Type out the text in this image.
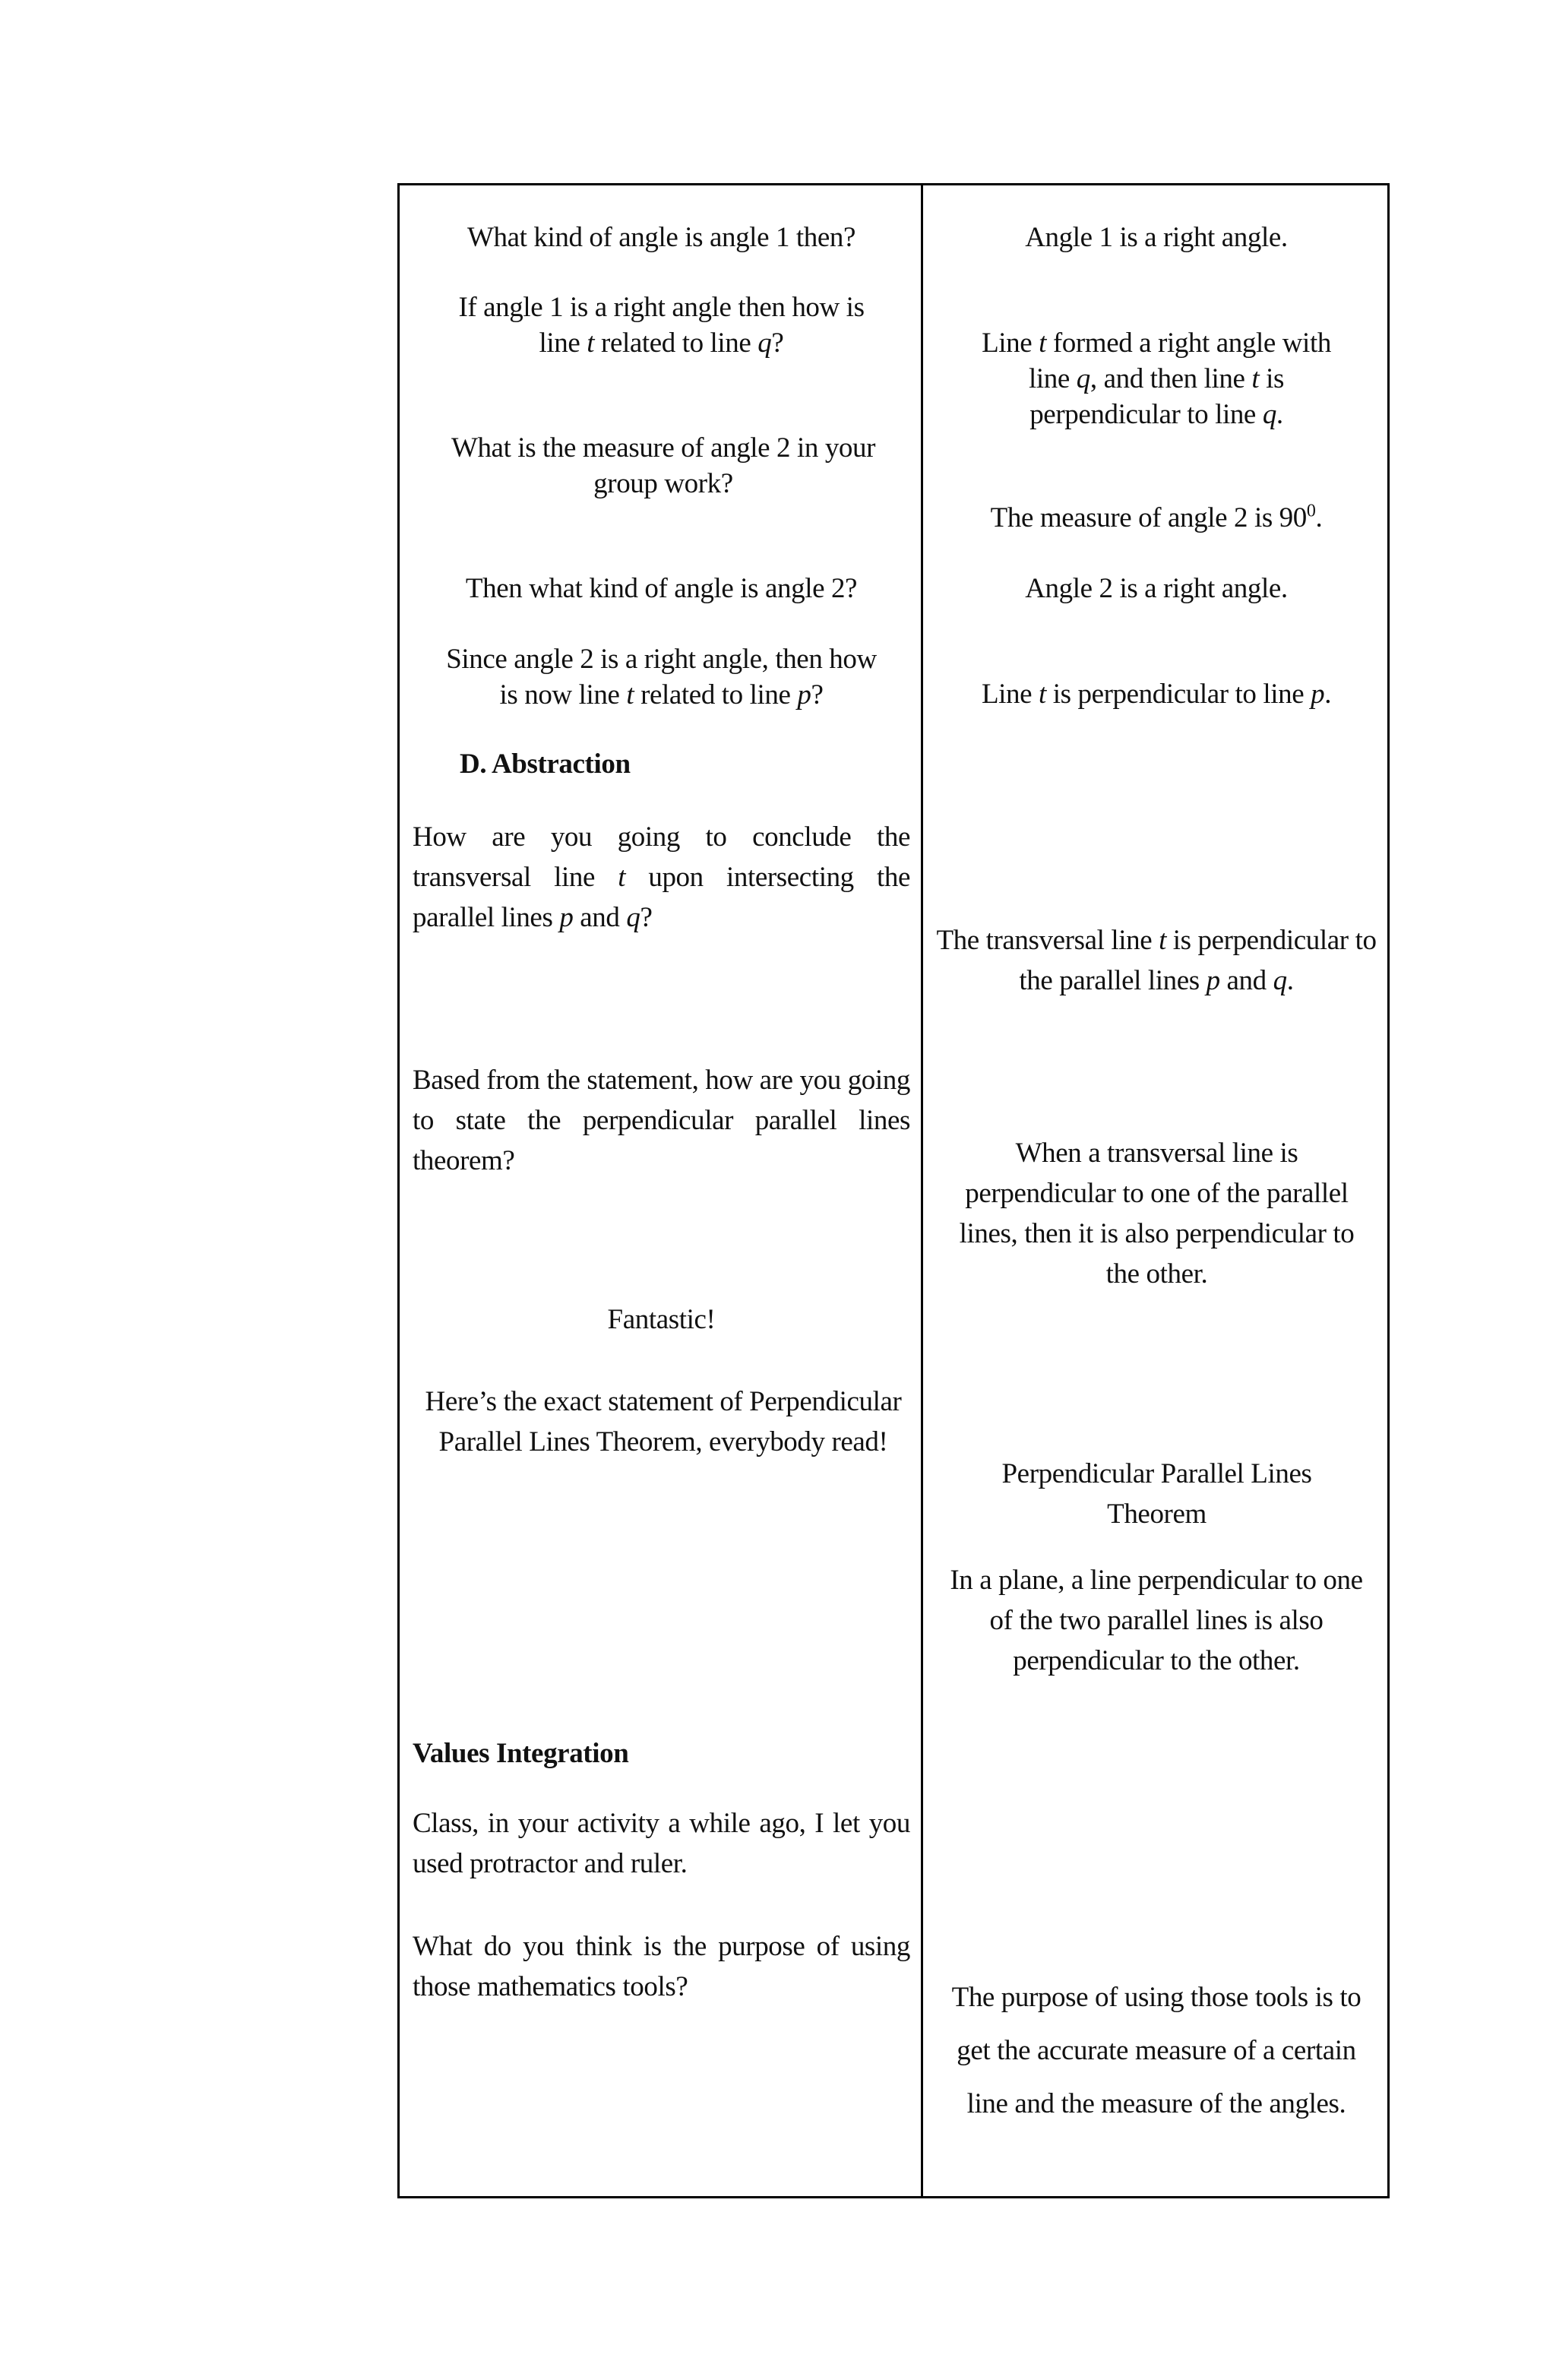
What kind of angle is angle 1 then?

If angle 1 is a right angle then how is
line t related to line q?

What is the measure of angle 2 in your group work?

Then what kind of angle is angle 2?

Since angle 2 is a right angle, then how
is now line t related to line p?

D. Abstraction

How are you going to conclude the transversal line t upon intersecting the parallel lines p and q?

Based from the statement, how are you going to state the perpendicular parallel lines theorem?

Fantastic!

Here’s the exact statement of Perpendicular Parallel Lines Theorem, everybody read!

Values Integration

Class, in your activity a while ago, I let you used protractor and ruler.

What do you think is the purpose of using those mathematics tools?

Angle 1 is a right angle.

Line t formed a right angle with line q, and then line t is perpendicular to line q.

The measure of angle 2 is $90^0$.

Angle 2 is a right angle.

Line t is perpendicular to line p.

The transversal line t is perpendicular to the parallel lines p and q.

When a transversal line is perpendicular to one of the parallel lines, then it is also perpendicular to the other.

Perpendicular Parallel Lines Theorem

In a plane, a line perpendicular to one of the two parallel lines is also perpendicular to the other.

The purpose of using those tools is to get the accurate measure of a certain line and the measure of the angles.
